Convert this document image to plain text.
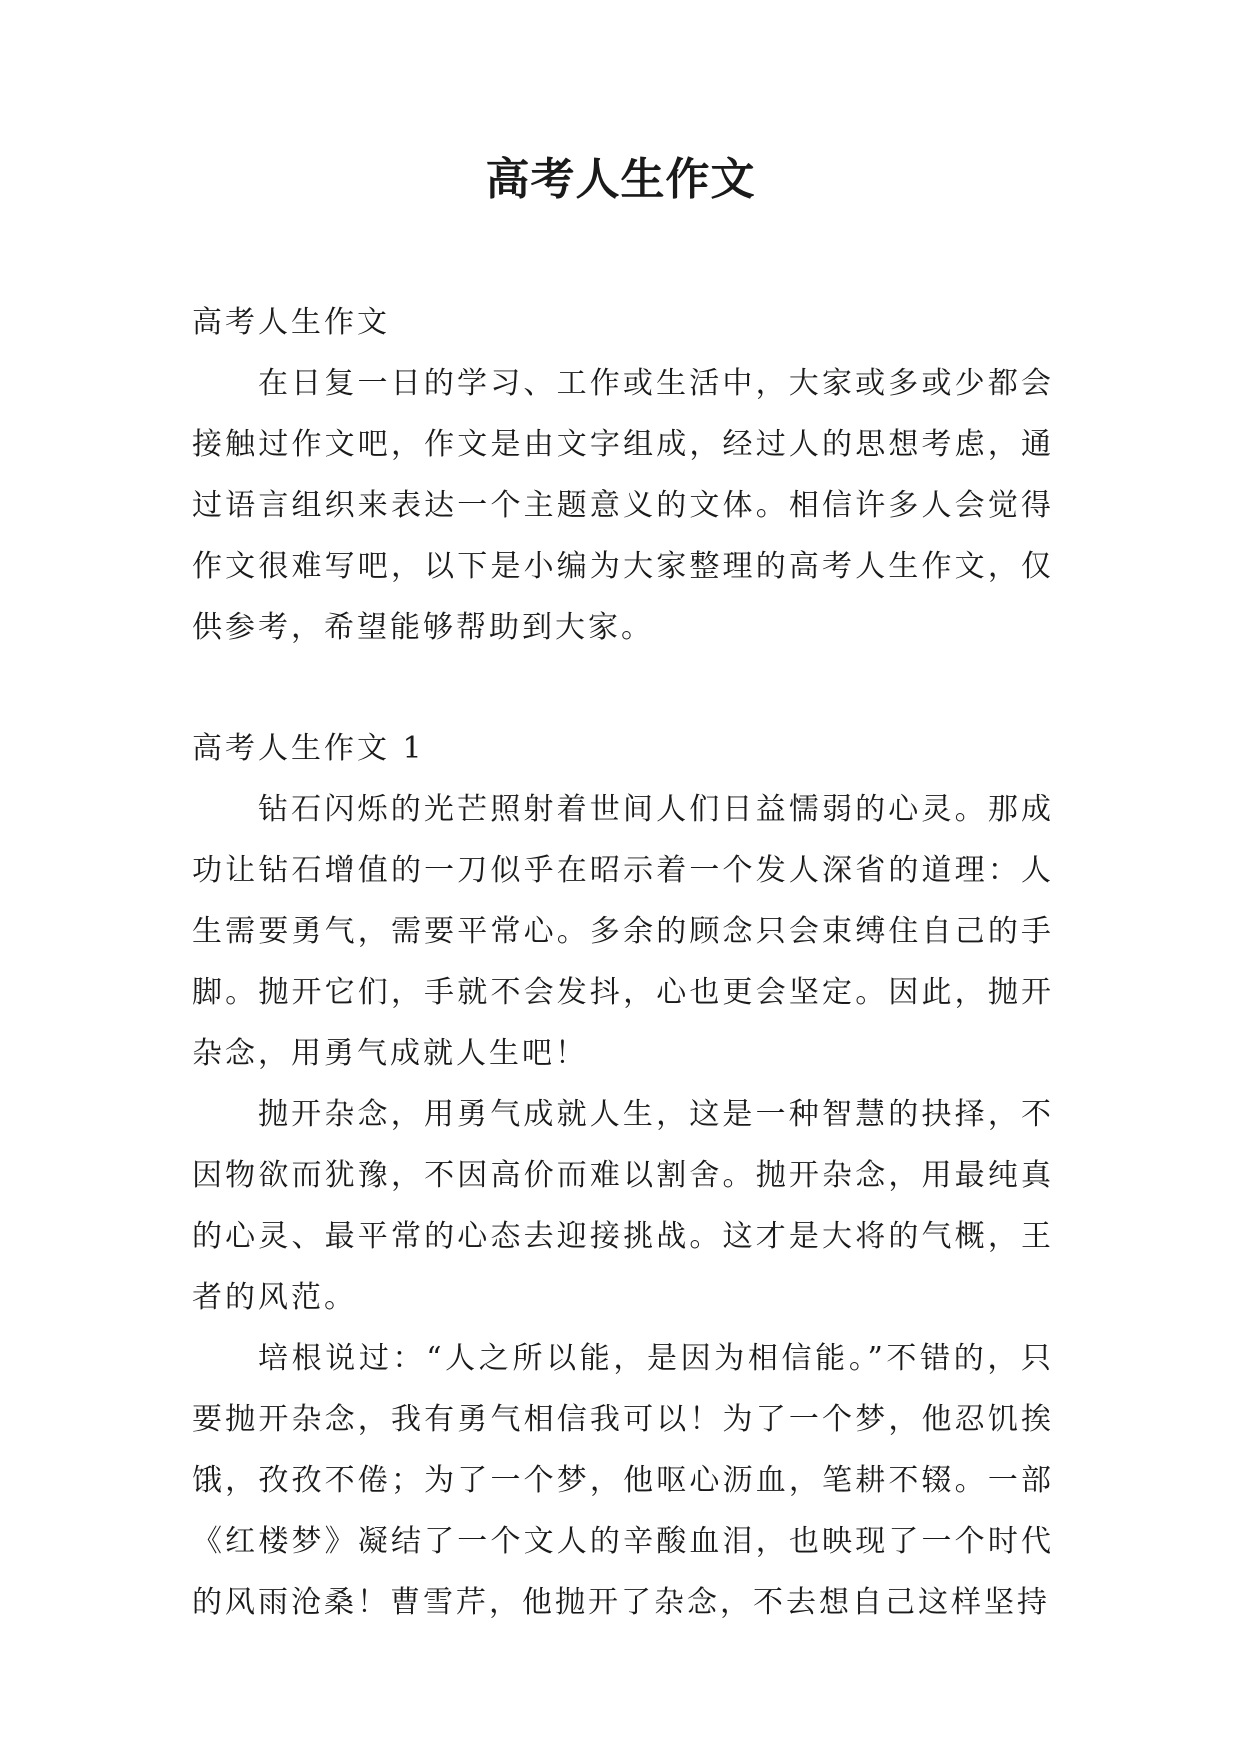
高考人生作文

高考人生作文

在日复一日的学习、工作或生活中，大家或多或少都会接触过作文吧，作文是由文字组成，经过人的思想考虑，通过语言组织来表达一个主题意义的文体。相信许多人会觉得作文很难写吧，以下是小编为大家整理的高考人生作文，仅供参考，希望能够帮助到大家。

高考人生作文 1

钻石闪烁的光芒照射着世间人们日益懦弱的心灵。那成功让钻石增值的一刀似乎在昭示着一个发人深省的道理：人生需要勇气，需要平常心。多余的顾念只会束缚住自己的手脚。抛开它们，手就不会发抖，心也更会坚定。因此，抛开杂念，用勇气成就人生吧！

抛开杂念，用勇气成就人生，这是一种智慧的抉择，不因物欲而犹豫，不因高价而难以割舍。抛开杂念，用最纯真的心灵、最平常的心态去迎接挑战。这才是大将的气概，王者的风范。

培根说过：“人之所以能，是因为相信能。”不错的，只要抛开杂念，我有勇气相信我可以！为了一个梦，他忍饥挨饿，孜孜不倦；为了一个梦，他呕心沥血，笔耕不辍。一部《红楼梦》凝结了一个文人的辛酸血泪，也映现了一个时代的风雨沧桑！曹雪芹，他抛开了杂念，不去想自己这样坚持
